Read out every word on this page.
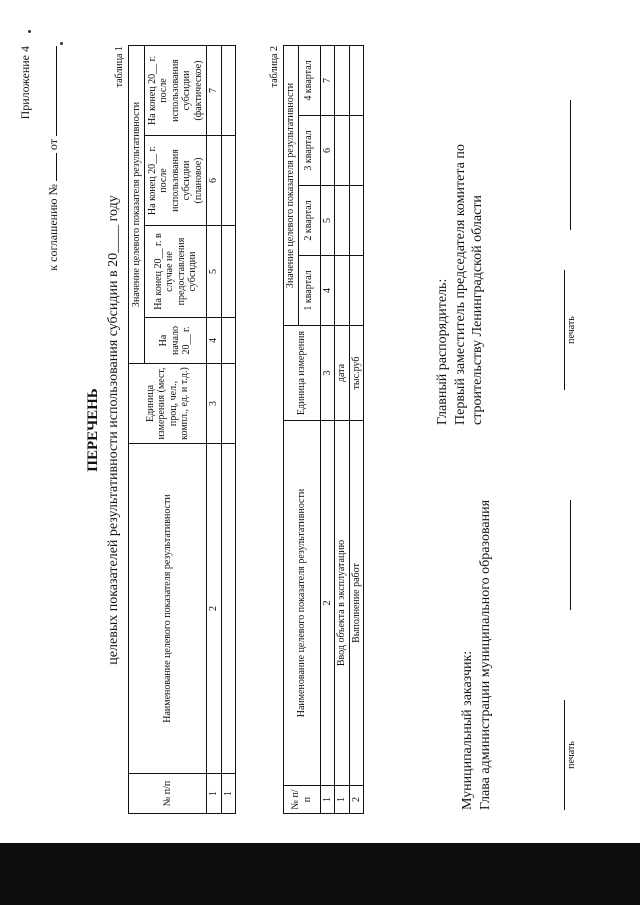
Приложение 4
к соглашению №  от
ПЕРЕЧЕНЬ целевых показателей результативности использования субсидии в 20____ году
таблица 1
№ п/п	Наименование целевого показателя результативности	Единица измерения (мест, проц, чел., компл., ед. и т.д.)	Значение целевого показателя результативности			
			На начало 20__ г.	На конец 20__ г. в случае не предоставления субсидии	На конец 20__ г. после использования субсидии (плановое)	На конец 20__ г. после использования субсидии (фактическое)
1	2	3	4	5	6	7
1						
таблица 2
№ п/п	Наименование целевого показателя результативности	Единица измерения	Значение целевого показателя результативности			
			1 квартал	2 квартал	3 квартал	4 квартал
1	2	3	4	5	6	7
1	Ввод объекта в эксплуатацию	дата				
2	Выполнение работ	тыс.руб				
Муниципальный заказчик: Глава администрации муниципального образования	печать
Главный распорядитель: Первый заместитель председателя комитета по строительству Ленинградской области	печать
